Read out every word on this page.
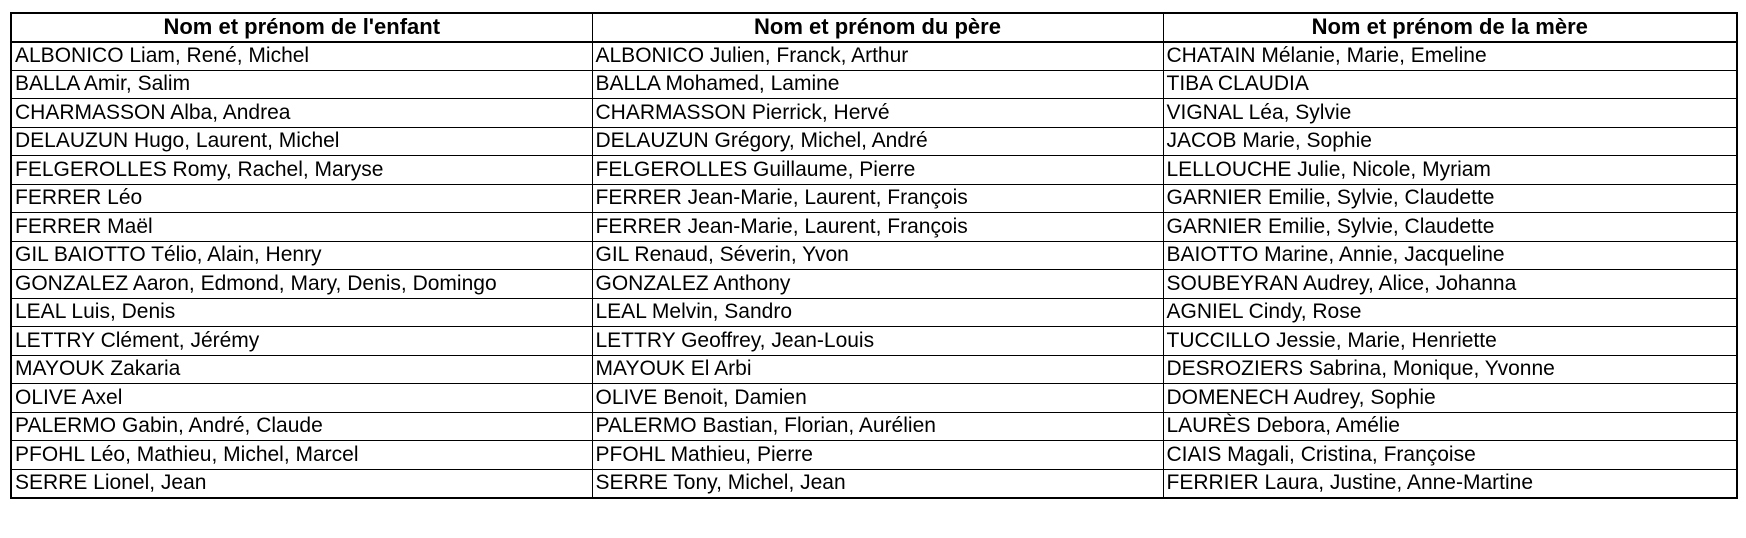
Nom et prénom de l'enfant	Nom et prénom du père	Nom et prénom de la mère
ALBONICO Liam, René, Michel	ALBONICO Julien, Franck, Arthur	CHATAIN Mélanie, Marie, Emeline
BALLA Amir, Salim	BALLA Mohamed, Lamine	TIBA CLAUDIA
CHARMASSON Alba, Andrea	CHARMASSON Pierrick, Hervé	VIGNAL Léa, Sylvie
DELAUZUN Hugo, Laurent, Michel	DELAUZUN Grégory, Michel, André	JACOB Marie, Sophie
FELGEROLLES Romy, Rachel, Maryse	FELGEROLLES Guillaume, Pierre	LELLOUCHE Julie, Nicole, Myriam
FERRER Léo	FERRER Jean-Marie, Laurent, François	GARNIER Emilie, Sylvie, Claudette
FERRER Maël	FERRER Jean-Marie, Laurent, François	GARNIER Emilie, Sylvie, Claudette
GIL BAIOTTO Télio, Alain, Henry	GIL Renaud, Séverin, Yvon	BAIOTTO Marine, Annie, Jacqueline
GONZALEZ Aaron, Edmond, Mary, Denis, Domingo	GONZALEZ Anthony	SOUBEYRAN Audrey, Alice, Johanna
LEAL Luis, Denis	LEAL Melvin, Sandro	AGNIEL Cindy, Rose
LETTRY Clément, Jérémy	LETTRY Geoffrey, Jean-Louis	TUCCILLO Jessie, Marie, Henriette
MAYOUK Zakaria	MAYOUK El Arbi	DESROZIERS Sabrina, Monique, Yvonne
OLIVE Axel	OLIVE Benoit, Damien	DOMENECH Audrey, Sophie
PALERMO Gabin, André, Claude	PALERMO Bastian, Florian, Aurélien	LAURÈS Debora, Amélie
PFOHL Léo, Mathieu, Michel, Marcel	PFOHL Mathieu, Pierre	CIAIS Magali, Cristina, Françoise
SERRE Lionel, Jean	SERRE Tony, Michel, Jean	FERRIER Laura, Justine, Anne-Martine
